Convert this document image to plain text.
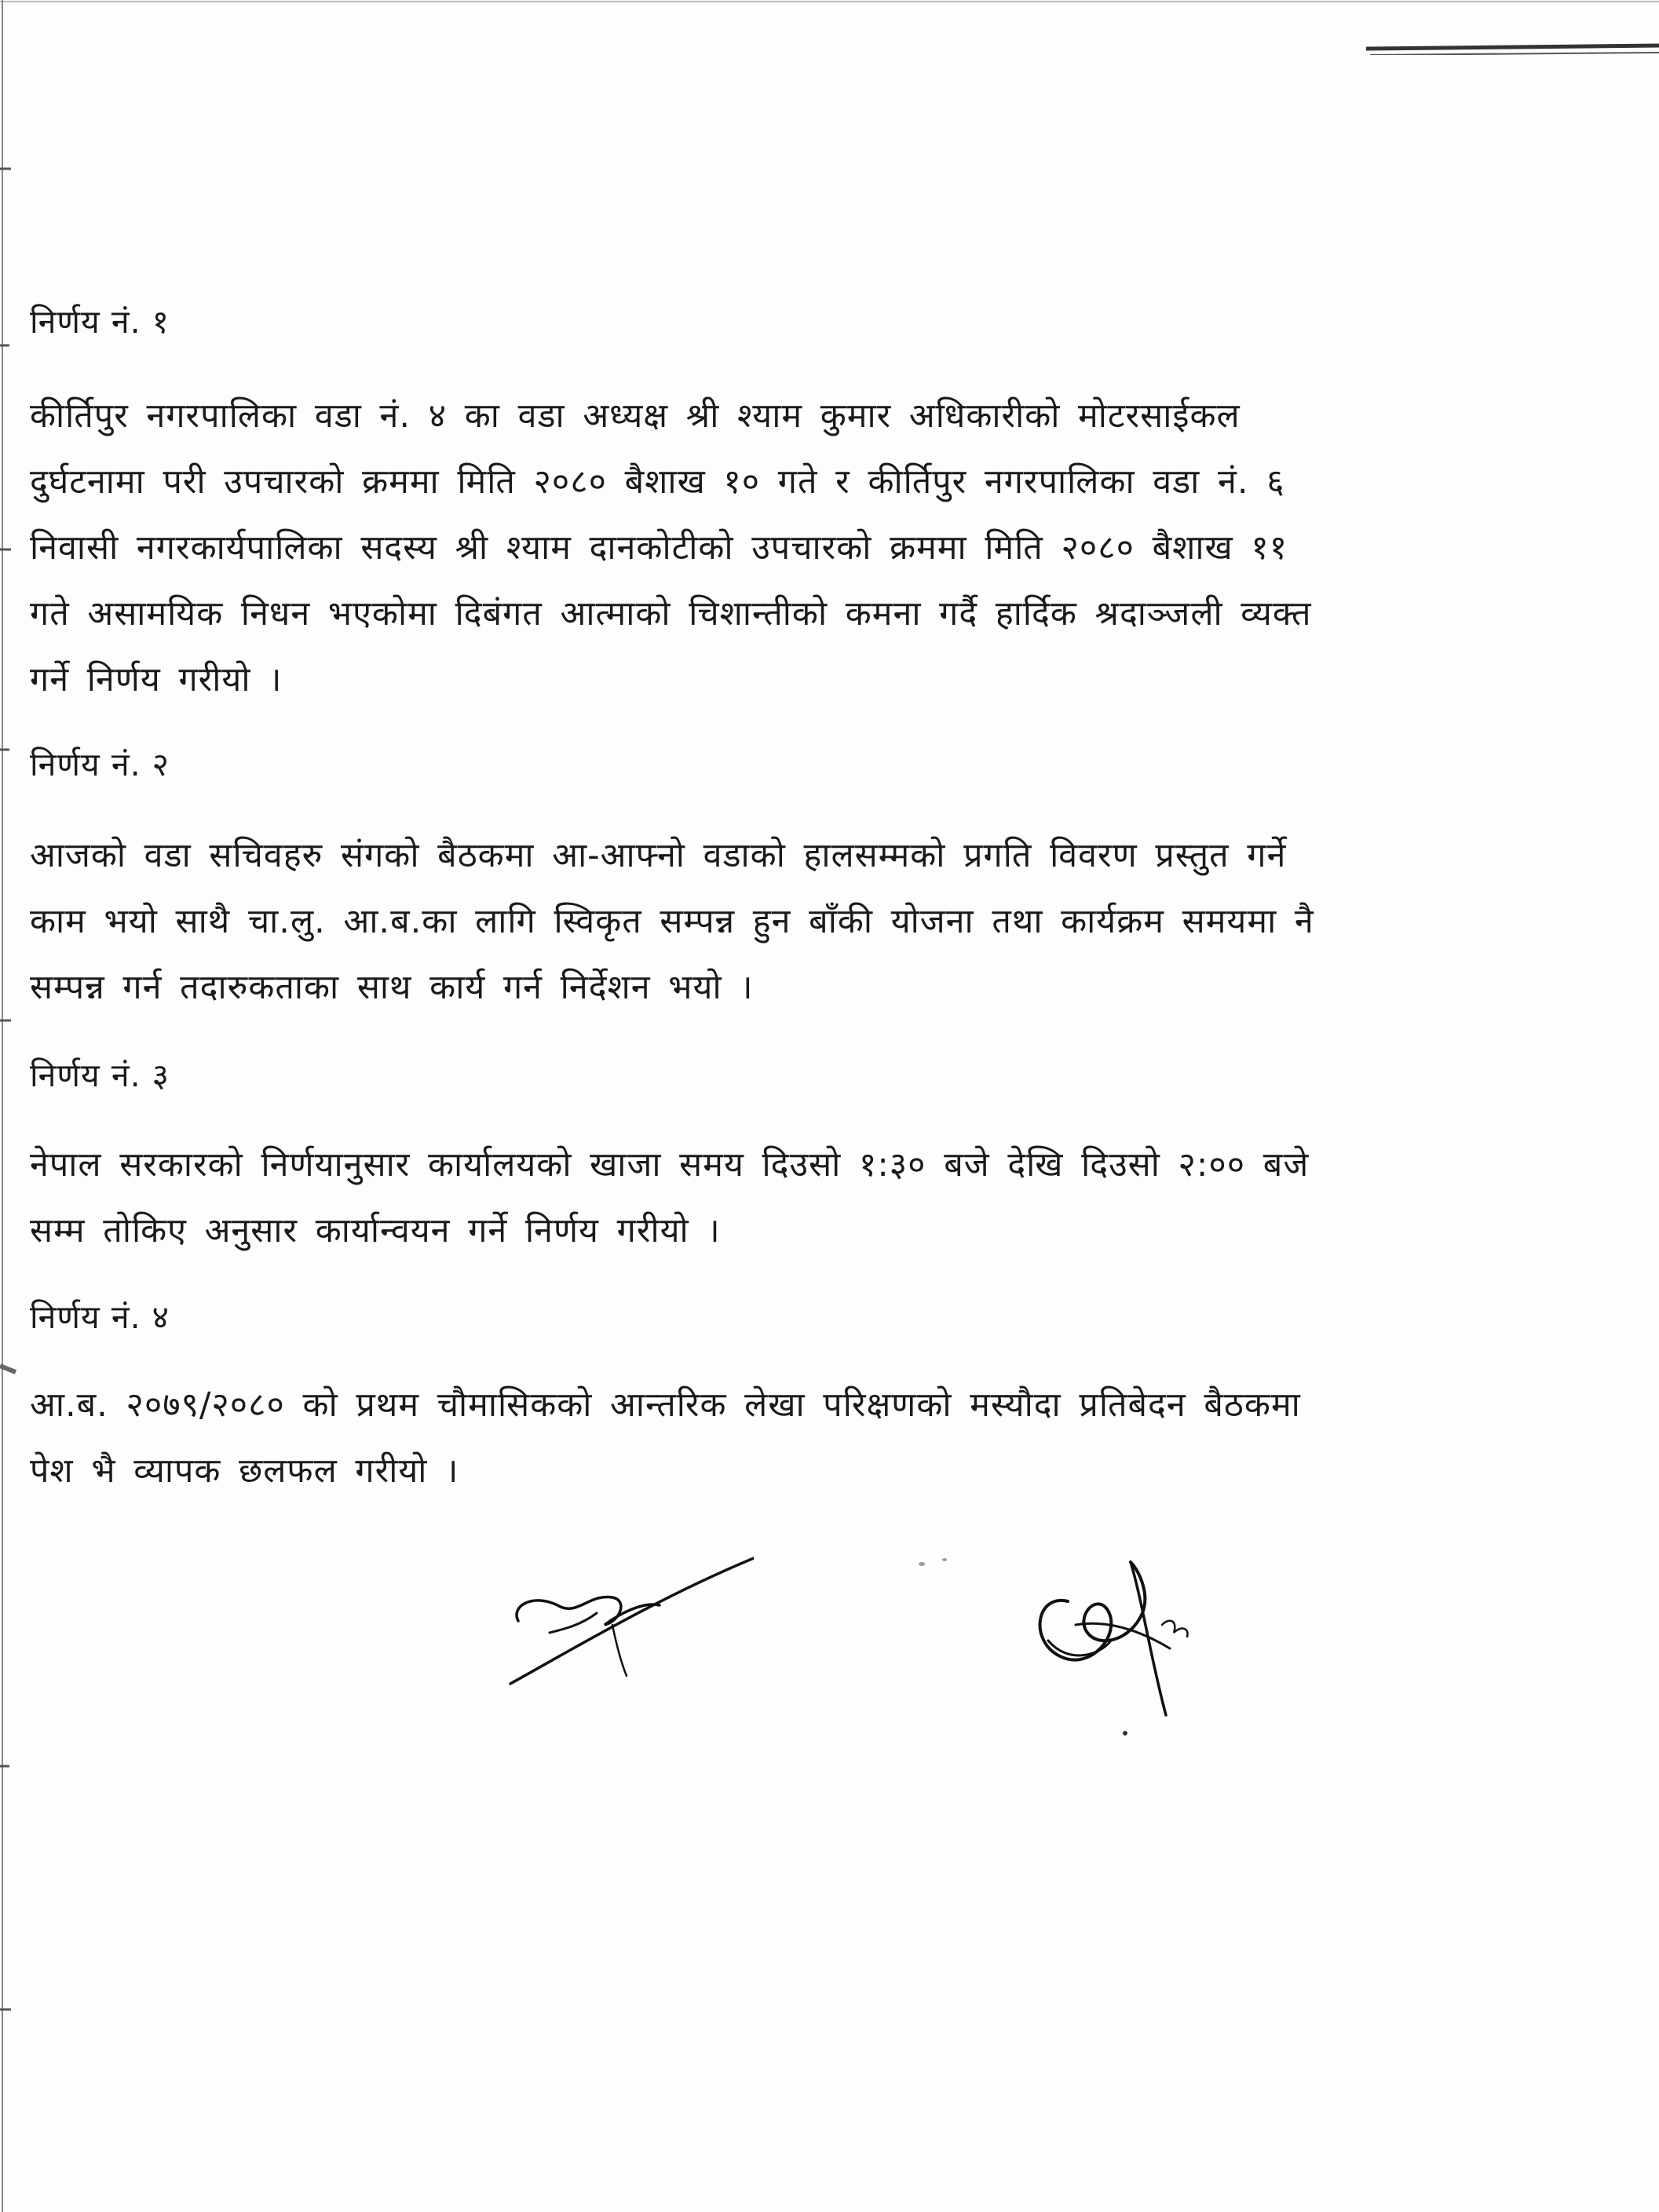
निर्णय नं. १

कीर्तिपुर नगरपालिका वडा नं. ४ का वडा अध्यक्ष श्री श्याम कुमार अधिकारीको मोटरसाईकल

दुर्घटनामा परी उपचारको क्रममा मिति २०८० बैशाख १० गते र कीर्तिपुर नगरपालिका वडा नं. ६

निवासी नगरकार्यपालिका सदस्य श्री श्याम दानकोटीको उपचारको क्रममा मिति २०८० बैशाख ११

गते असामयिक निधन भएकोमा दिबंगत आत्माको चिशान्तीको कमना गर्दै हार्दिक श्रदाञ्जली व्यक्त

गर्ने निर्णय गरीयो ।

निर्णय नं. २

आजको वडा सचिवहरु संगको बैठकमा आ-आफ्नो वडाको हालसम्मको प्रगति विवरण प्रस्तुत गर्ने

काम भयो साथै चा.लु. आ.ब.का लागि स्विकृत सम्पन्न हुन बाँकी योजना तथा कार्यक्रम समयमा नै

सम्पन्न गर्न तदारुकताका साथ कार्य गर्न निर्देशन भयो ।

निर्णय नं. ३

नेपाल सरकारको निर्णयानुसार कार्यालयको खाजा समय दिउसो १:३० बजे देखि दिउसो २:०० बजे

सम्म तोकिए अनुसार कार्यान्वयन गर्ने निर्णय गरीयो ।

निर्णय नं. ४

आ.ब. २०७९/२०८० को प्रथम चौमासिकको आन्तरिक लेखा परिक्षणको मस्यौदा प्रतिबेदन बैठकमा

पेश भै व्यापक छलफल गरीयो ।
